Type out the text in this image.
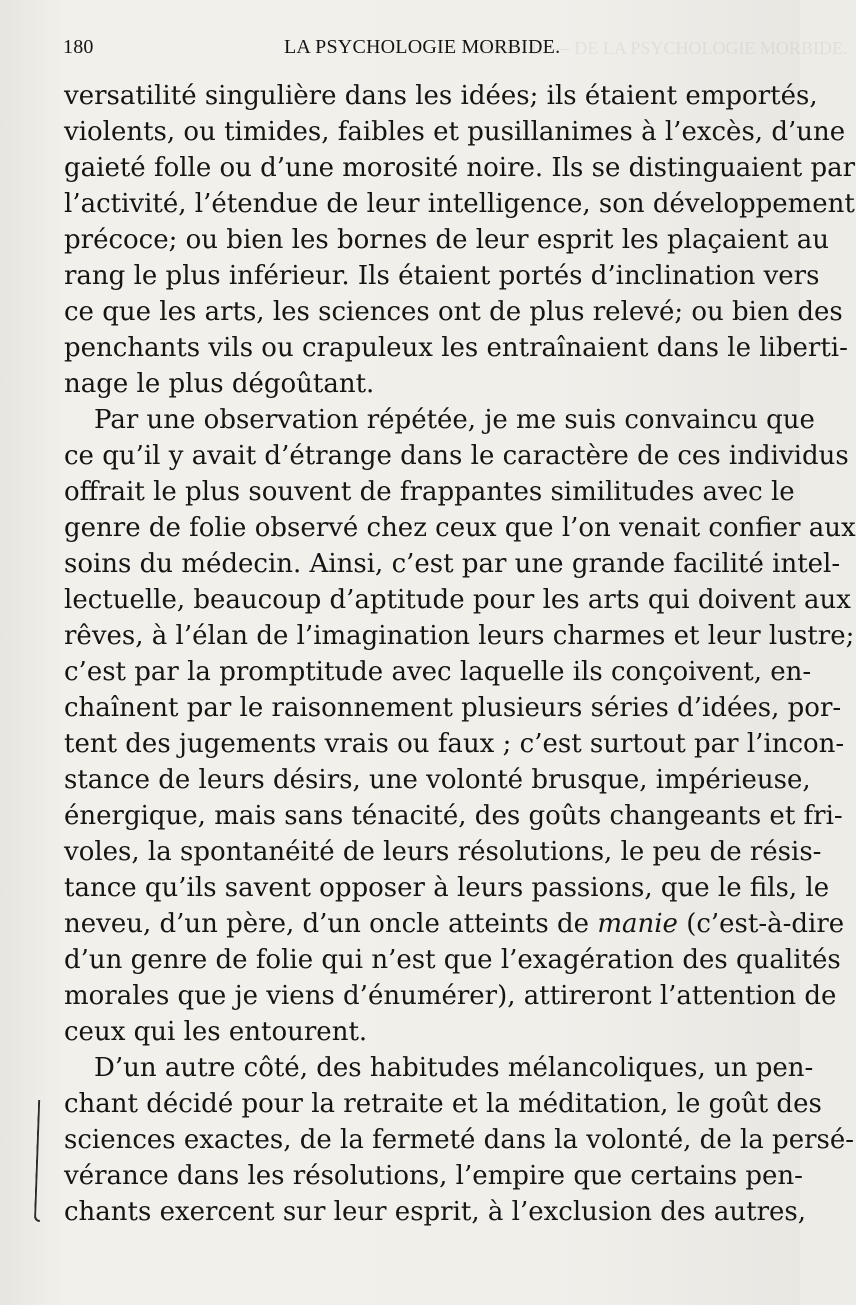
PART. II. — DE LA PSYCHOLOGIE MORBIDE.
180	LA PSYCHOLOGIE MORBIDE.
versatilité singulière dans les idées; ils étaient emportés,
violents, ou timides, faibles et pusillanimes à l’excès, d’une
gaieté folle ou d’une morosité noire. Ils se distinguaient par
l’activité, l’étendue de leur intelligence, son développement
précoce; ou bien les bornes de leur esprit les plaçaient au
rang le plus inférieur. Ils étaient portés d’inclination vers
ce que les arts, les sciences ont de plus relevé; ou bien des
penchants vils ou crapuleux les entraînaient dans le liberti-
nage le plus dégoûtant.
Par une observation répétée, je me suis convaincu que
ce qu’il y avait d’étrange dans le caractère de ces individus
offrait le plus souvent de frappantes similitudes avec le
genre de folie observé chez ceux que l’on venait confier aux
soins du médecin. Ainsi, c’est par une grande facilité intel-
lectuelle, beaucoup d’aptitude pour les arts qui doivent aux
rêves, à l’élan de l’imagination leurs charmes et leur lustre;
c’est par la promptitude avec laquelle ils conçoivent, en-
chaînent par le raisonnement plusieurs séries d’idées, por-
tent des jugements vrais ou faux ; c’est surtout par l’incon-
stance de leurs désirs, une volonté brusque, impérieuse,
énergique, mais sans ténacité, des goûts changeants et fri-
voles, la spontanéité de leurs résolutions, le peu de résis-
tance qu’ils savent opposer à leurs passions, que le fils, le
neveu, d’un père, d’un oncle atteints de manie (c’est-à-dire
d’un genre de folie qui n’est que l’exagération des qualités
morales que je viens d’énumérer), attireront l’attention de
ceux qui les entourent.
D’un autre côté, des habitudes mélancoliques, un pen-
chant décidé pour la retraite et la méditation, le goût des
sciences exactes, de la fermeté dans la volonté, de la persé-
vérance dans les résolutions, l’empire que certains pen-
chants exercent sur leur esprit, à l’exclusion des autres,
